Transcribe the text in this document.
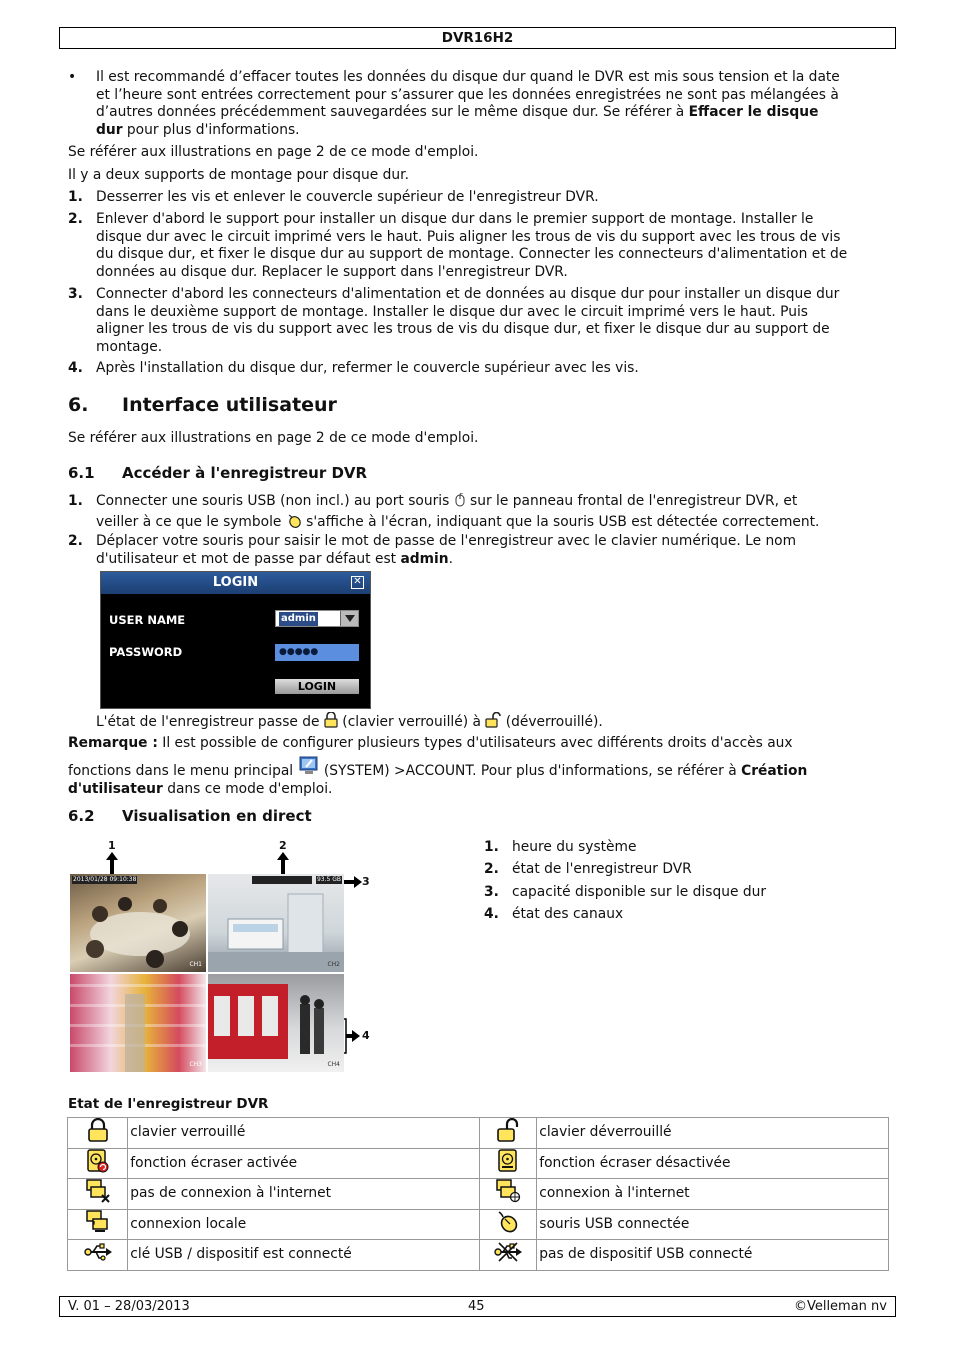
DVR16H2
• Il est recommandé d’effacer toutes les données du disque dur quand le DVR est mis sous tension et la date
et l’heure sont entrées correctement pour s’assurer que les données enregistrées ne sont pas mélangées à
d’autres données précédemment sauvegardées sur le même disque dur. Se référer à Effacer le disque
dur pour plus d'informations.
Se référer aux illustrations en page 2 de ce mode d'emploi.
Il y a deux supports de montage pour disque dur.
1. Desserrer les vis et enlever le couvercle supérieur de l'enregistreur DVR.
2. Enlever d'abord le support pour installer un disque dur dans le premier support de montage. Installer le
disque dur avec le circuit imprimé vers le haut. Puis aligner les trous de vis du support avec les trous de vis
du disque dur, et fixer le disque dur au support de montage. Connecter les connecteurs d'alimentation et de
données au disque dur. Replacer le support dans l'enregistreur DVR.
3. Connecter d'abord les connecteurs d'alimentation et de données au disque dur pour installer un disque dur
dans le deuxième support de montage. Installer le disque dur avec le circuit imprimé vers le haut. Puis
aligner les trous de vis du support avec les trous de vis du disque dur, et fixer le disque dur au support de
montage.
4. Après l'installation du disque dur, refermer le couvercle supérieur avec les vis.
6. Interface utilisateur
Se référer aux illustrations en page 2 de ce mode d'emploi.
6.1 Accéder à l'enregistreur DVR
1. Connecter une souris USB (non incl.) au port souris  sur le panneau frontal de l'enregistreur DVR, et
veiller à ce que le symbole  s'affiche à l'écran, indiquant que la souris USB est détectée correctement.
2. Déplacer votre souris pour saisir le mot de passe de l'enregistreur avec le clavier numérique. Le nom
d'utilisateur et mot de passe par défaut est admin.
LOGIN	✕
USER NAME	admin
PASSWORD	●●●●●
LOGIN
L'état de l'enregistreur passe de  (clavier verrouillé) à  (déverrouillé).
Remarque : Il est possible de configurer plusieurs types d'utilisateurs avec différents droits d'accès aux
fonctions dans le menu principal  (SYSTEM) >ACCOUNT. Pour plus d'informations, se référer à Création
d'utilisateur dans ce mode d'emploi.
6.2 Visualisation en direct
1	2
3
4
2013/01/28 09:10:38
CH1
93.5 GB
CH2
CH3	CH4
1. heure du système
2. état de l'enregistreur DVR
3. capacité disponible sur le disque dur
4. état des canaux
Etat de l'enregistreur DVR
	clavier verrouillé		clavier déverrouillé
	fonction écraser activée		fonction écraser désactivée
	pas de connexion à l'internet		connexion à l'internet
	connexion locale		souris USB connectée
	clé USB / dispositif est connecté		pas de dispositif USB connecté
V. 01 – 28/03/2013	45	©Velleman nv
